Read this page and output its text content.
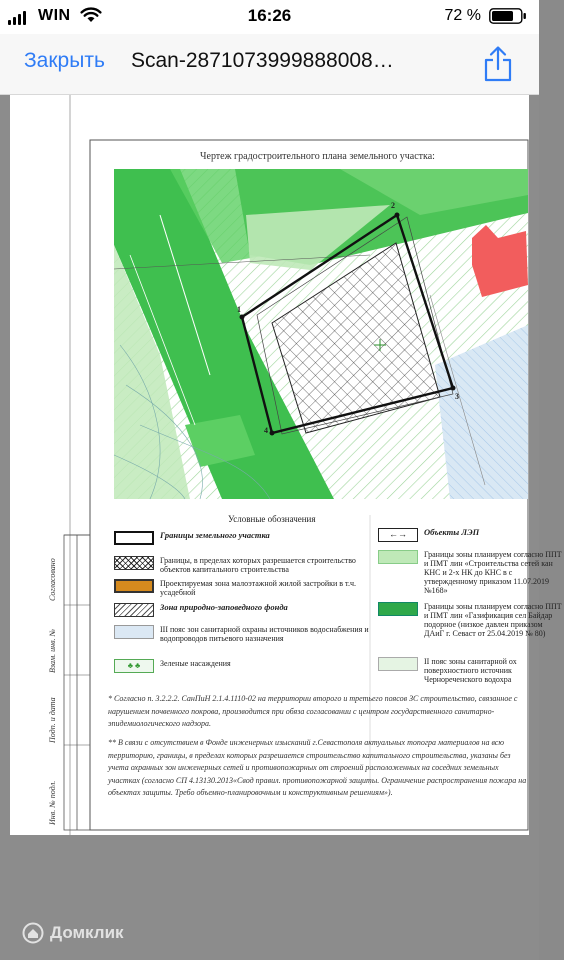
WIN	16:26	72 %
Закрыть Scan-2871073999888008…
1
2
3
4
Чертеж градостроительного плана земельного участка:
Условные обозначения
Границы земельного участка
Границы, в пределах которых разрешается строительство объектов капитального строительства
Проектируемая зона малоэтажной жилой застройки в т.ч. усадебной
Зона природно-заповедного фонда
III пояс зон санитарной охраны источников водоснабжения и водопроводов питьевого назначения
♣ ♣	Зеленые насаждения
←→	Объекты ЛЭП
Границы зоны планируем согласно ППТ и ПМТ лин «Строительства сетей кан КНС и 2-х НК до КНС в с утвержденному приказом 11.07.2019 №168»
Границы зоны планируем согласно ППТ и ПМТ лин «Газификация сел Байдар подорное (низкое давлен приказом ДАиГ г. Севаст от 25.04.2019 № 80)
II пояс зоны санитарной ох поверхностного источник Чернореченского водохра
* Согласно п. 3.2.2.2. СанПиН 2.1.4.1110-02 на территории второго и третьего поясов ЗС строительство, связанное с нарушением почвенного покрова, производится при обяза согласовании с центром государственного санитарно-эпидемиологического надзора.
** В связи с отсутствием в Фонде инженерных изысканий г.Севастополя актуальных топогра материалов на всю территорию, границы, в пределах которых разрешается строительство капитального строительства, указаны без учета охранных зон инженерных сетей и противопожарных от строений расположенных на соседних земельных участках (согласно СП 4.13130.2013«Свод правил. противопожарной защиты. Ограничение распространения пожара на объектах защиты. Требо объемно-планировочным и конструктивным решениям»).
Согласовано
Взам. инв. №
Подп. и дата
Инв. № подл.
Домклик
